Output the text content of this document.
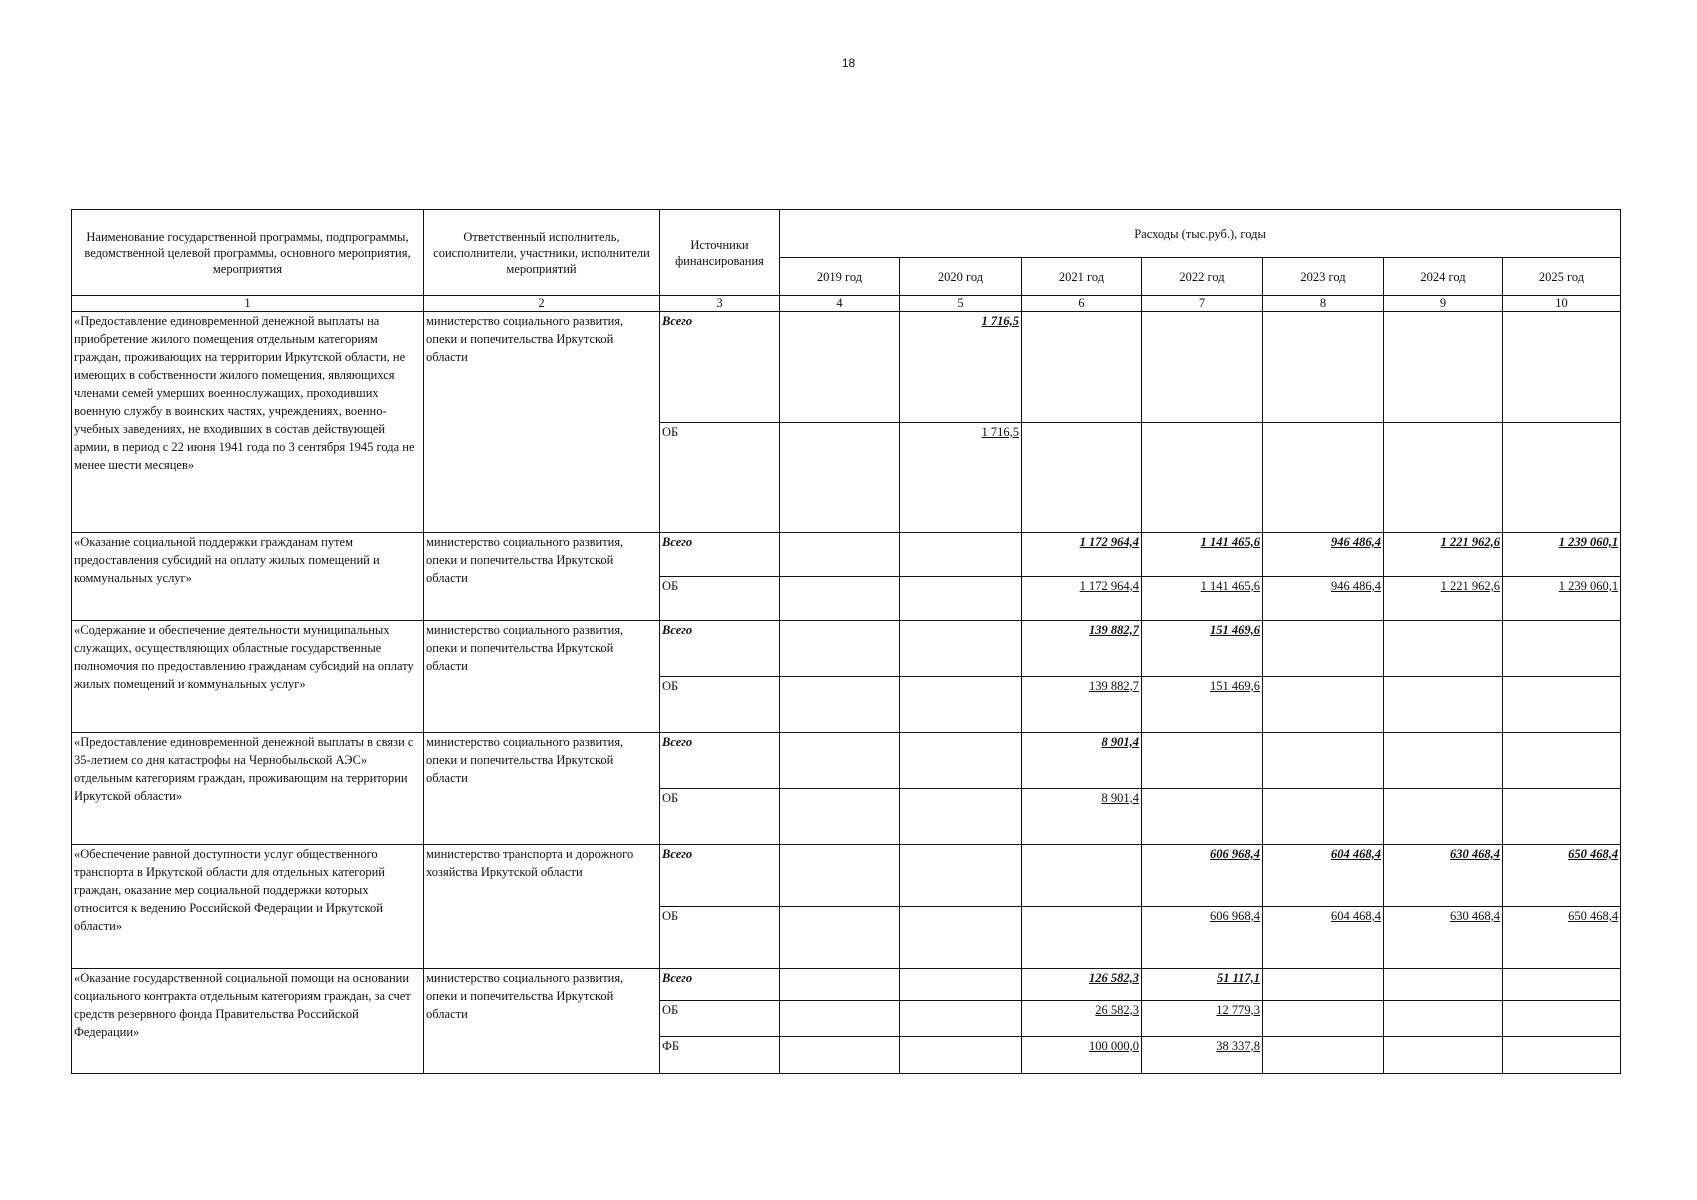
18
Наименование государственной программы, подпрограммы, ведомственной целевой программы, основного мероприятия, мероприятия	Ответственный исполнитель, соисполнители, участники, исполнители мероприятий	Источники финансирования	Расходы (тыс.руб.), годы						
			2019 год	2020 год	2021 год	2022 год	2023 год	2024 год	2025 год
1	2	3	4	5	6	7	8	9	10
«Предоставление единовременной денежной выплаты на приобретение жилого помещения отдельным категориям граждан, проживающих на территории Иркутской области, не имеющих в собственности жилого помещения, являющихся членами семей умерших военнослужащих, проходивших военную службу в воинских частях, учреждениях, военно-учебных заведениях, не входивших в состав действующей армии, в период с 22 июня 1941 года по 3 сентября 1945 года не менее шести месяцев»	министерство социального развития, опеки и попечительства Иркутской области	Всего		1 716,5					
		ОБ		1 716,5					
«Оказание социальной поддержки гражданам путем предоставления субсидий на оплату жилых помещений и коммунальных услуг»	министерство социального развития, опеки и попечительства Иркутской области	Всего			1 172 964,4	1 141 465,6	946 486,4	1 221 962,6	1 239 060,1
		ОБ			1 172 964,4	1 141 465,6	946 486,4	1 221 962,6	1 239 060,1
«Содержание и обеспечение деятельности муниципальных служащих, осуществляющих областные государственные полномочия по предоставлению гражданам субсидий на оплату жилых помещений и коммунальных услуг»	министерство социального развития, опеки и попечительства Иркутской области	Всего			139 882,7	151 469,6			
		ОБ			139 882,7	151 469,6			
«Предоставление единовременной денежной выплаты в связи с 35-летием со дня катастрофы на Чернобыльской АЭС» отдельным категориям граждан, проживающим на территории Иркутской области»	министерство социального развития, опеки и попечительства Иркутской области	Всего			8 901,4				
		ОБ			8 901,4				
«Обеспечение равной доступности услуг общественного транспорта в Иркутской области для отдельных категорий граждан, оказание мер социальной поддержки которых относится к ведению Российской Федерации и Иркутской области»	министерство транспорта и дорожного хозяйства Иркутской области	Всего				606 968,4	604 468,4	630 468,4	650 468,4
		ОБ				606 968,4	604 468,4	630 468,4	650 468,4
«Оказание государственной социальной помощи на основании социального контракта отдельным категориям граждан, за счет средств резервного фонда Правительства Российской Федерации»	министерство социального развития, опеки и попечительства Иркутской области	Всего			126 582,3	51 117,1			
		ОБ			26 582,3	12 779,3			
		ФБ			100 000,0	38 337,8			
